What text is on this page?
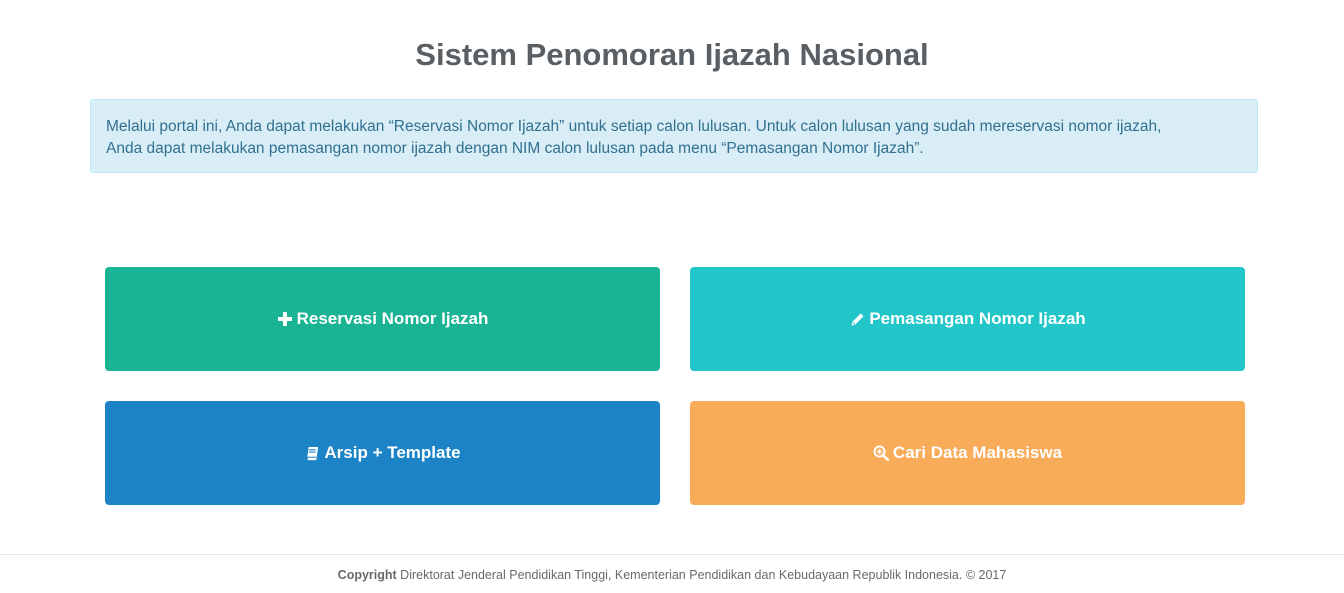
Sistem Penomoran Ijazah Nasional
Melalui portal ini, Anda dapat melakukan “Reservasi Nomor Ijazah” untuk setiap calon lulusan. Untuk calon lulusan yang sudah mereservasi nomor ijazah,
Anda dapat melakukan pemasangan nomor ijazah dengan NIM calon lulusan pada menu “Pemasangan Nomor Ijazah”.
Reservasi Nomor Ijazah	Pemasangan Nomor Ijazah
Arsip + Template	Cari Data Mahasiswa
Copyright Direktorat Jenderal Pendidikan Tinggi, Kementerian Pendidikan dan Kebudayaan Republik Indonesia. © 2017
